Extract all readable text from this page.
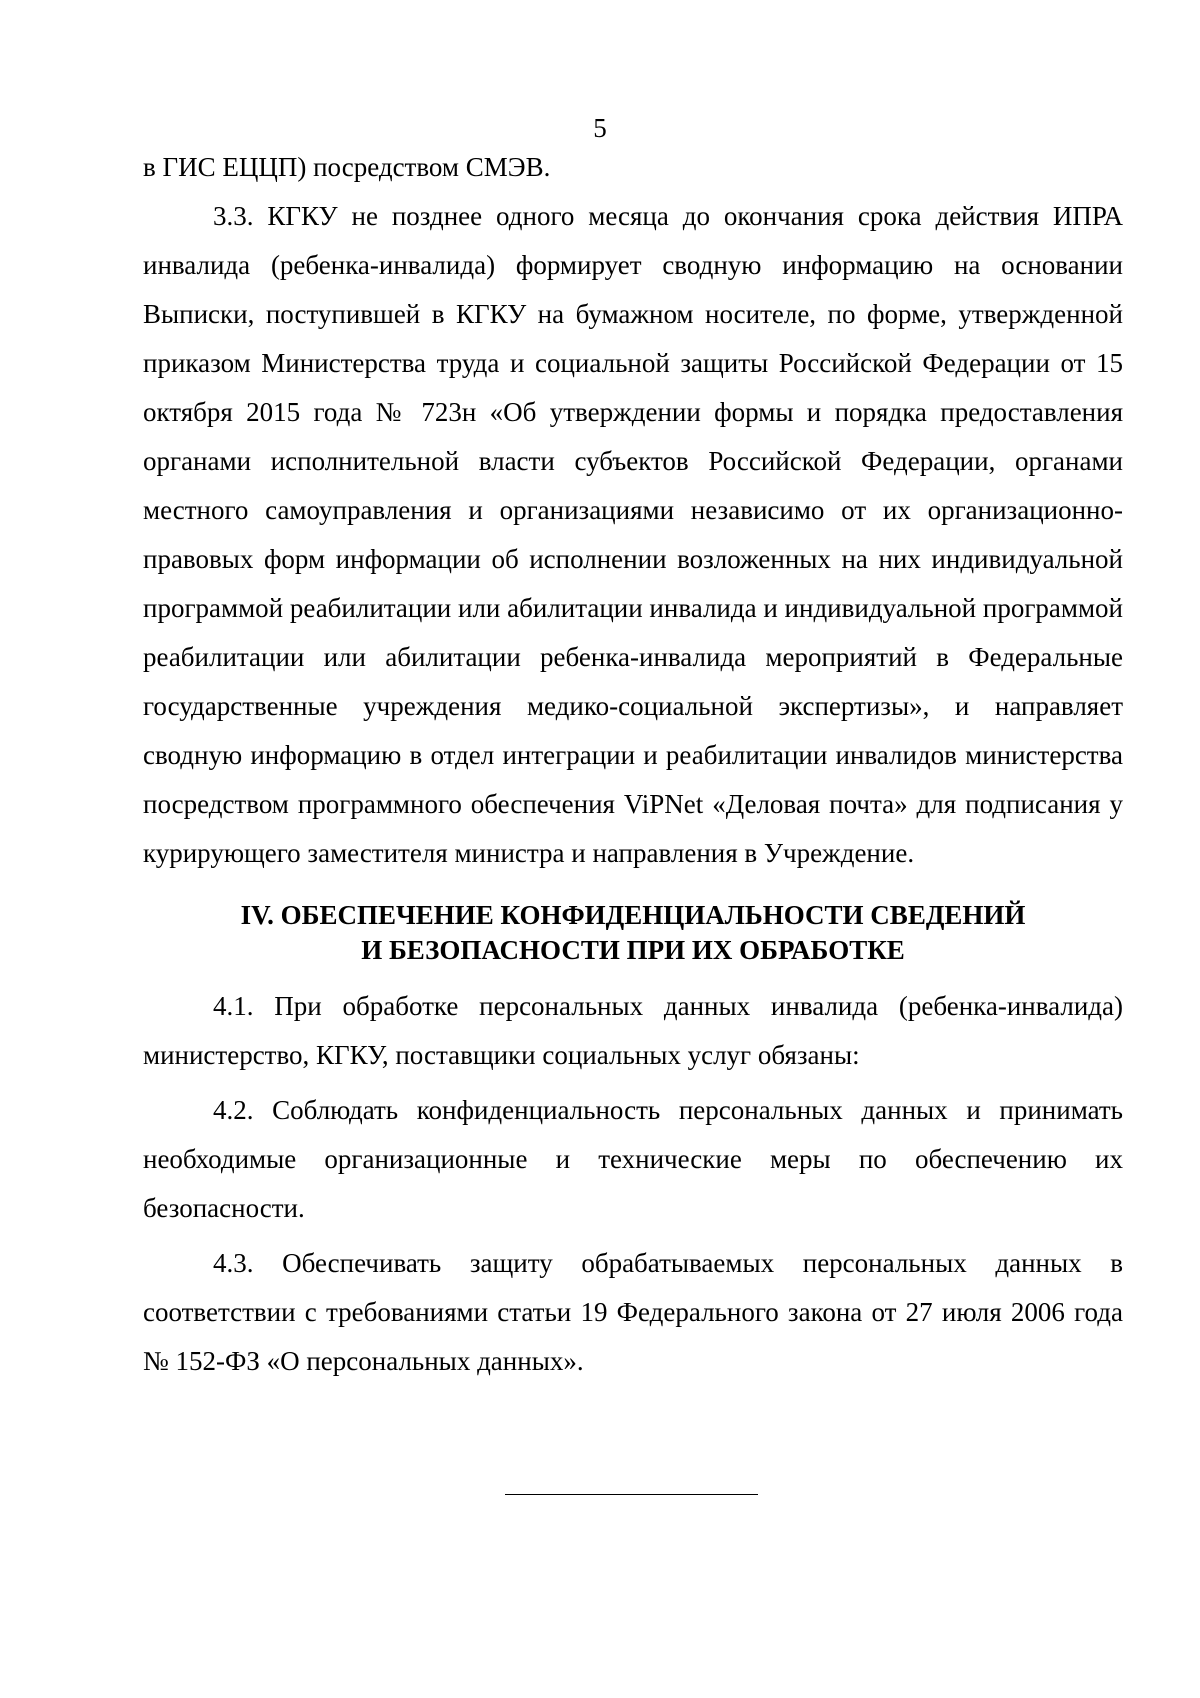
5

в ГИС ЕЦЦП) посредством СМЭВ.

3.3. КГКУ не позднее одного месяца до окончания срока действия ИПРА инвалида (ребенка-инвалида) формирует сводную информацию на основании Выписки, поступившей в КГКУ на бумажном носителе, по форме, утвержденной приказом Министерства труда и социальной защиты Российской Федерации от 15 октября 2015 года № 723н «Об утверждении формы и порядка предоставления органами исполнительной власти субъектов Российской Федерации, органами местного самоуправления и организациями независимо от их организационно-правовых форм информации об исполнении возложенных на них индивидуальной программой реабилитации или абилитации инвалида и индивидуальной программой реабилитации или абилитации ребенка-инвалида мероприятий в Федеральные государственные учреждения медико-социальной экспертизы», и направляет сводную информацию в отдел интеграции и реабилитации инвалидов министерства посредством программного обеспечения ViPNet «Деловая почта» для подписания у курирующего заместителя министра и направления в Учреждение.

IV. ОБЕСПЕЧЕНИЕ КОНФИДЕНЦИАЛЬНОСТИ СВЕДЕНИЙ
И БЕЗОПАСНОСТИ ПРИ ИХ ОБРАБОТКЕ

4.1. При обработке персональных данных инвалида (ребенка-инвалида) министерство, КГКУ, поставщики социальных услуг обязаны:

4.2. Соблюдать конфиденциальность персональных данных и принимать необходимые организационные и технические меры по обеспечению их безопасности.

4.3. Обеспечивать защиту обрабатываемых персональных данных в соответствии с требованиями статьи 19 Федерального закона от 27 июля 2006 года № 152-ФЗ «О персональных данных».
